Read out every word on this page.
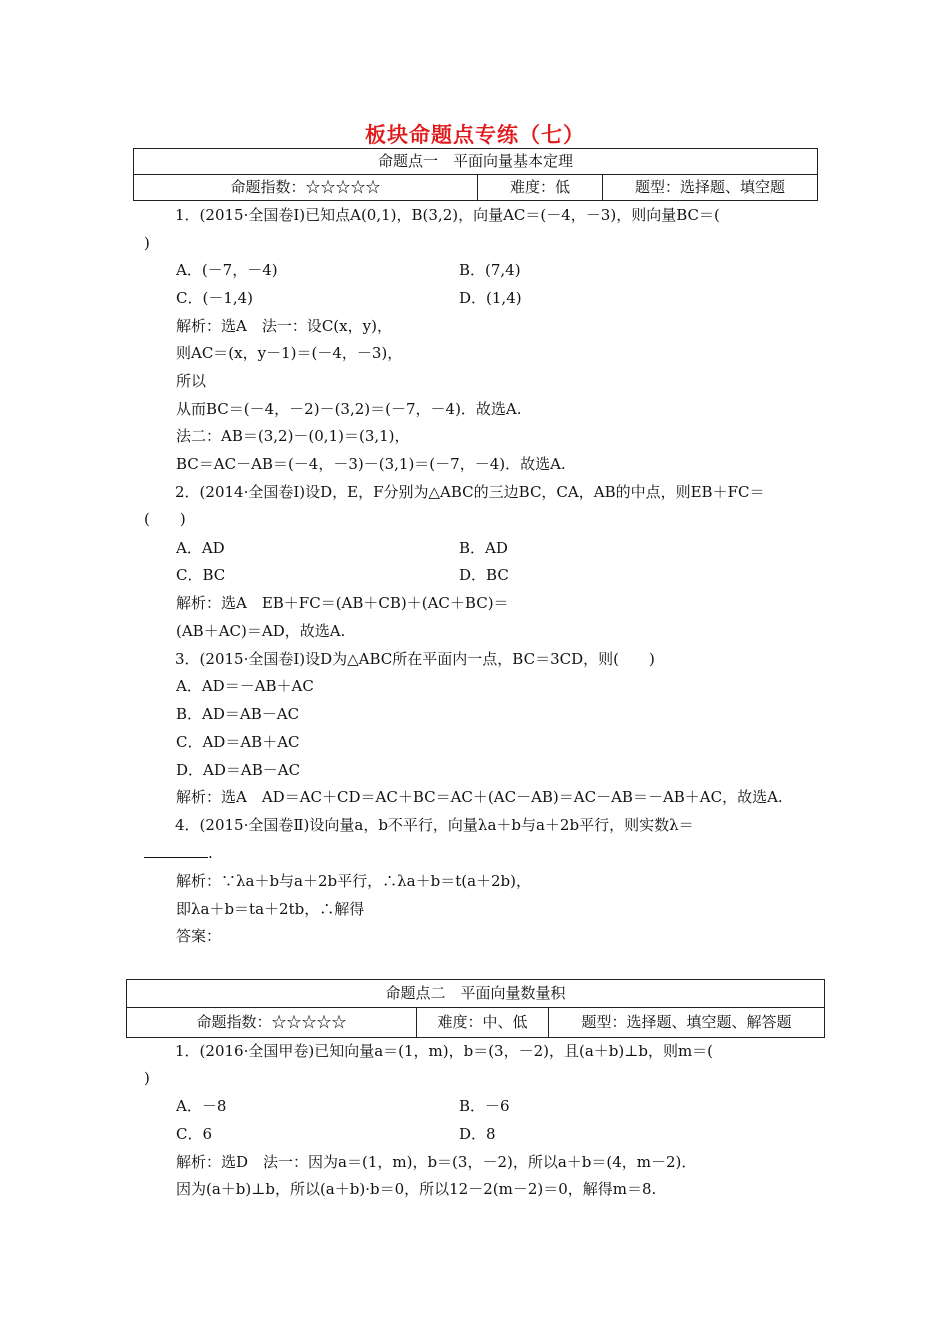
板块命题点专练（七）
命题点一　平面向量基本定理
命题指数：☆☆☆☆☆	难度：低	题型：选择题、填空题
1．(2015·全国卷Ⅰ)已知点A(0,1)，B(3,2)，向量AC＝(－4，－3)，则向量BC＝(
)
A．(－7，－4)	B．(7,4)
C．(－1,4)	D．(1,4)
解析：选A　法一：设C(x，y)，
则AC＝(x，y－1)＝(－4，－3)，
所以
从而BC＝(－4，－2)－(3,2)＝(－7，－4)．故选A.
法二：AB＝(3,2)－(0,1)＝(3,1)，
BC＝AC－AB＝(－4，－3)－(3,1)＝(－7，－4)．故选A.
2．(2014·全国卷Ⅰ)设D，E，F分别为△ABC的三边BC，CA，AB的中点，则EB＋FC＝
(　　)
A．AD	B．AD
C．BC	D．BC
解析：选A　EB＋FC＝(AB＋CB)＋(AC＋BC)＝
(AB＋AC)＝AD，故选A.
3．(2015·全国卷Ⅰ)设D为△ABC所在平面内一点，BC＝3CD，则(　　)
A．AD＝－AB＋AC
B．AD＝AB－AC
C．AD＝AB＋AC
D．AD＝AB－AC
解析：选A　AD＝AC＋CD＝AC＋BC＝AC＋(AC－AB)＝AC－AB＝－AB＋AC，故选A.
4．(2015·全国卷Ⅱ)设向量a，b不平行，向量λa＋b与a＋2b平行，则实数λ＝
.
解析：∵λa＋b与a＋2b平行，∴λa＋b＝t(a＋2b)，
即λa＋b＝ta＋2tb，∴解得
答案：
命题点二　平面向量数量积
命题指数：☆☆☆☆☆	难度：中、低	题型：选择题、填空题、解答题
1．(2016·全国甲卷)已知向量a＝(1，m)，b＝(3，－2)，且(a＋b)⊥b，则m＝(
)
A．－8	B．－6
C．6	D．8
解析：选D　法一：因为a＝(1，m)，b＝(3，－2)，所以a＋b＝(4，m－2)．
因为(a＋b)⊥b，所以(a＋b)·b＝0，所以12－2(m－2)＝0，解得m＝8.
